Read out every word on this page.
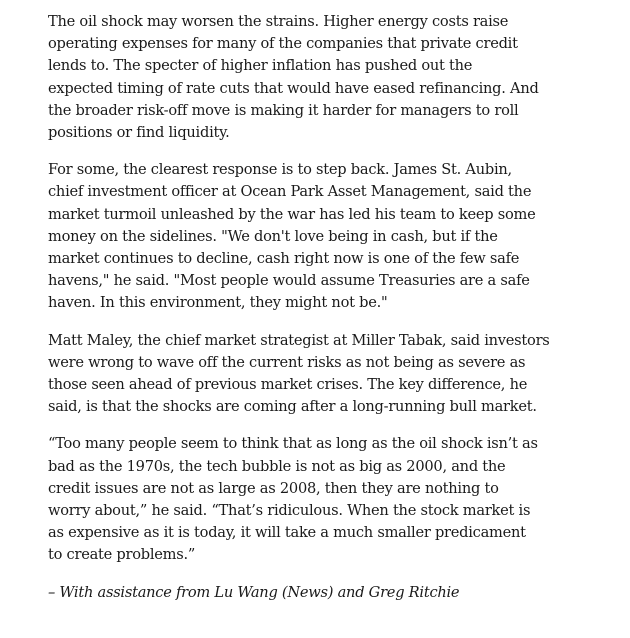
The oil shock may worsen the strains. Higher energy costs raise
operating expenses for many of the companies that private credit
lends to. The specter of higher inflation has pushed out the
expected timing of rate cuts that would have eased refinancing. And
the broader risk-off move is making it harder for managers to roll
positions or find liquidity.

For some, the clearest response is to step back. James St. Aubin,
chief investment officer at Ocean Park Asset Management, said the
market turmoil unleashed by the war has led his team to keep some
money on the sidelines. "We don't love being in cash, but if the
market continues to decline, cash right now is one of the few safe
havens," he said. "Most people would assume Treasuries are a safe
haven. In this environment, they might not be."

Matt Maley, the chief market strategist at Miller Tabak, said investors
were wrong to wave off the current risks as not being as severe as
those seen ahead of previous market crises. The key difference, he
said, is that the shocks are coming after a long-running bull market.

“Too many people seem to think that as long as the oil shock isn’t as
bad as the 1970s, the tech bubble is not as big as 2000, and the
credit issues are not as large as 2008, then they are nothing to
worry about,” he said. “That’s ridiculous. When the stock market is
as expensive as it is today, it will take a much smaller predicament
to create problems.”

– With assistance from Lu Wang (News) and Greg Ritchie
